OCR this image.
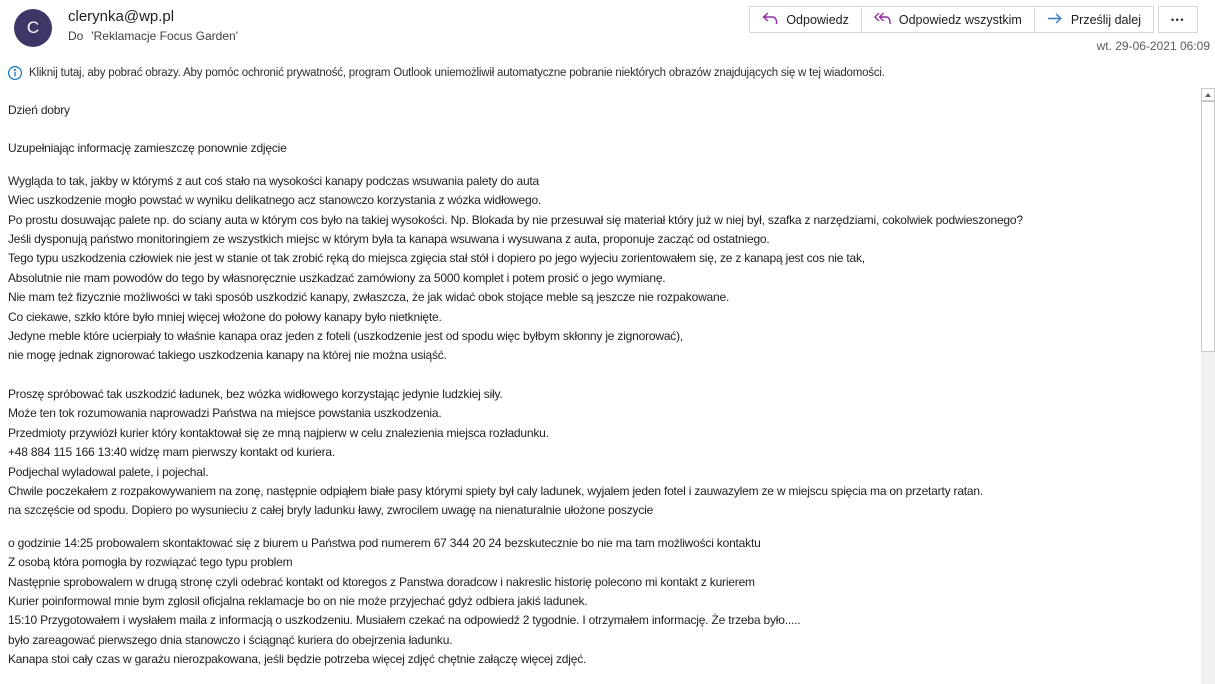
C
clerynka@wp.pl
Do 'Reklamacje Focus Garden'
Odpowiedz	Odpowiedz wszystkim	Prześlij dalej	•••
wt. 29-06-2021 06:09
Kliknij tutaj, aby pobrać obrazy. Aby pomóc ochronić prywatność, program Outlook uniemożliwił automatyczne pobranie niektórych obrazów znajdujących się w tej wiadomości.
Dzień dobry
Uzupełniając informację zamieszczę ponownie zdjęcie
Wygląda to tak, jakby w którymś z aut coś stało na wysokości kanapy podczas wsuwania palety do auta
Wiec uszkodzenie mogło powstać w wyniku delikatnego acz stanowczo korzystania z wózka widłowego.
Po prostu dosuwając palete np. do sciany auta w którym cos było na takiej wysokości. Np. Blokada by nie przesuwał się materiał który już w niej był, szafka z narzędziami, cokolwiek podwieszonego?
Jeśli dysponują państwo monitoringiem ze wszystkich miejsc w którym była ta kanapa wsuwana i wysuwana z auta, proponuje zacząć od ostatniego.
Tego typu uszkodzenia człowiek nie jest w stanie ot tak zrobić ręką do miejsca zgięcia stał stół i dopiero po jego wyjeciu zorientowałem się, ze z kanapą jest cos nie tak,
Absolutnie nie mam powodów do tego by własnoręcznie uszkadzać zamówiony za 5000 komplet i potem prosić o jego wymianę.
Nie mam też fizycznie możliwości w taki sposób uszkodzić kanapy, zwłaszcza, że jak widać obok stojące meble są jeszcze nie rozpakowane.
Co ciekawe, szkło które było mniej więcej włożone do połowy kanapy było nietknięte.
Jedyne meble które ucierpiały to właśnie kanapa oraz jeden z foteli (uszkodzenie jest od spodu więc byłbym skłonny je zignorować),
nie mogę jednak zignorować takiego uszkodzenia kanapy na której nie można usiąść.
Proszę spróbować tak uszkodzić ładunek, bez wózka widłowego korzystając jedynie ludzkiej siły.
Może ten tok rozumowania naprowadzi Państwa na miejsce powstania uszkodzenia.
Przedmioty przywiózł kurier który kontaktował się ze mną najpierw w celu znalezienia miejsca rozładunku.
+48 884 115 166 13:40 widzę mam pierwszy kontakt od kuriera.
Podjechal wyladowal palete, i pojechal.
Chwile poczekałem z rozpakowywaniem na zonę, następnie odpiąłem białe pasy którymi spiety był caly ladunek, wyjalem jeden fotel i zauwazylem ze w miejscu spięcia ma on przetarty ratan.
na szczęście od spodu. Dopiero po wysunieciu z całej bryly ladunku ławy, zwrocilem uwagę na nienaturalnie ułożone poszycie
o godzinie 14:25 probowalem skontaktować się z biurem u Państwa pod numerem 67 344 20 24 bezskutecznie bo nie ma tam możliwości kontaktu
Z osobą która pomogła by rozwiązać tego typu problem
Następnie sprobowalem w drugą stronę czyli odebrać kontakt od ktoregos z Panstwa doradcow i nakreslic historię polecono mi kontakt z kurierem
Kurier poinformowal mnie bym zglosil oficjalna reklamacje bo on nie może przyjechać gdyż odbiera jakiś ladunek.
15:10 Przygotowałem i wysłałem maila z informacją o uszkodzeniu. Musiałem czekać na odpowiedź 2 tygodnie. I otrzymałem informację. Że trzeba było.....
było zareagować pierwszego dnia stanowczo i ściągnąć kuriera do obejrzenia ładunku.
Kanapa stoi cały czas w garażu nierozpakowana, jeśli będzie potrzeba więcej zdjęć chętnie załączę więcej zdjęć.
